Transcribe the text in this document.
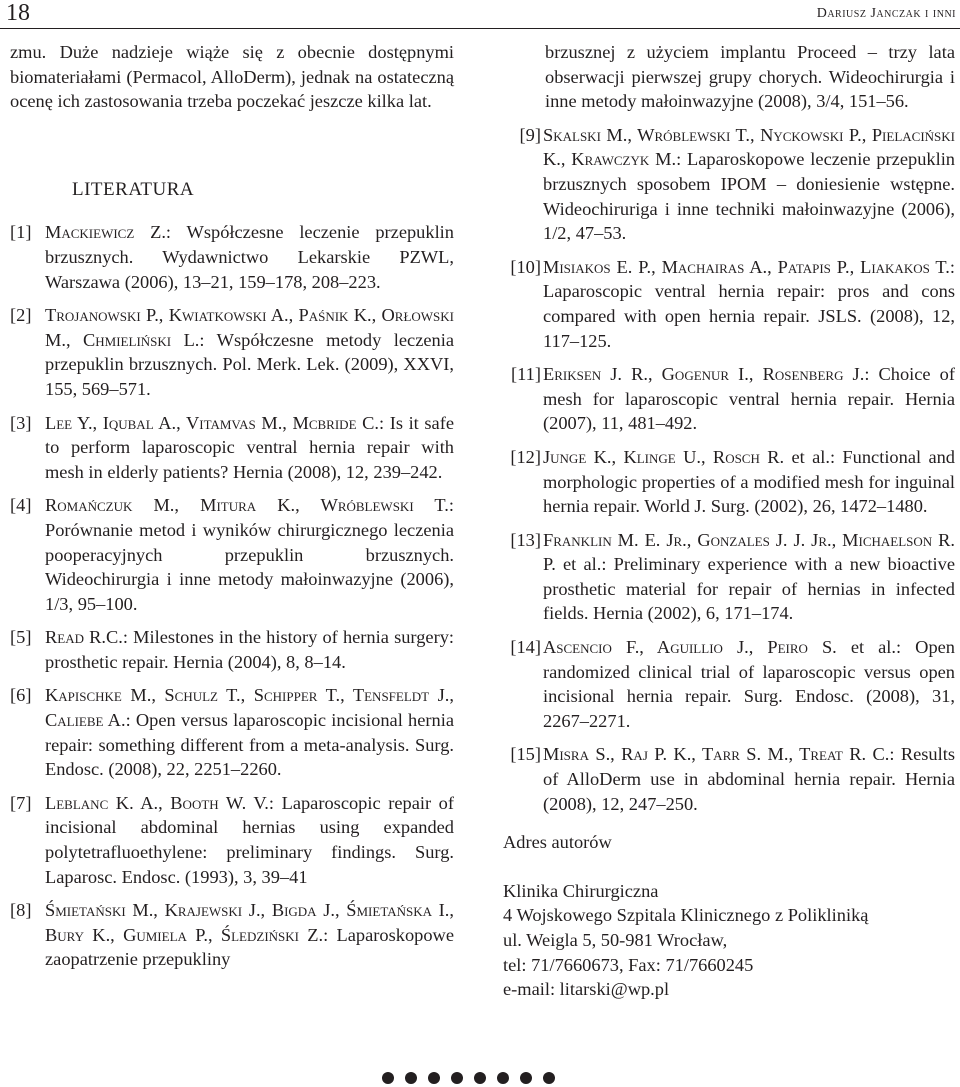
18	Dariusz Janczak i inni

zmu. Duże nadzieje wiąże się z obecnie dostępnymi biomateriałami (Permacol, AlloDerm), jednak na ostateczną ocenę ich zastosowania trzeba poczekać jeszcze kilka lat.

LITERATURA
[1] Mackiewicz Z.: Współczesne leczenie przepuklin brzusznych. Wydawnictwo Lekarskie PZWL, Warszawa (2006), 13–21, 159–178, 208–223.
[2] Trojanowski P., Kwiatkowski A., Paśnik K., Orłowski M., Chmieliński L.: Współczesne metody leczenia przepuklin brzusznych. Pol. Merk. Lek. (2009), XXVI, 155, 569–571.
[3] Lee Y., Iqubal A., Vitamvas M., Mcbride C.: Is it safe to perform laparoscopic ventral hernia repair with mesh in elderly patients? Hernia (2008), 12, 239–242.
[4] Romańczuk M., Mitura K., Wróblewski T.: Porównanie metod i wyników chirurgicznego leczenia pooperacyjnych przepuklin brzusznych. Wideochirurgia i inne metody małoinwazyjne (2006), 1/3, 95–100.
[5] Read R.C.: Milestones in the history of hernia surgery: prosthetic repair. Hernia (2004), 8, 8–14.
[6] Kapischke M., Schulz T., Schipper T., Tensfeldt J., Caliebe A.: Open versus laparoscopic incisional hernia repair: something different from a meta-analysis. Surg. Endosc. (2008), 22, 2251–2260.
[7] Leblanc K. A., Booth W. V.: Laparoscopic repair of incisional abdominal hernias using expanded polytetrafluoethylene: preliminary findings. Surg. Laparosc. Endosc. (1993), 3, 39–41
[8] Śmietański M., Krajewski J., Bigda J., Śmietańska I., Bury K., Gumiela P., Śledziński Z.: Laparoskopowe zaopatrzenie przepukliny
brzusznej z użyciem implantu Proceed – trzy lata obserwacji pierwszej grupy chorych. Wideochirurgia i inne metody małoinwazyjne (2008), 3/4, 151–56.
[9] Skalski M., Wróblewski T., Nyckowski P., Pielaciński K., Krawczyk M.: Laparoskopowe leczenie przepuklin brzusznych sposobem IPOM – doniesienie wstępne. Wideochiruriga i inne techniki małoinwazyjne (2006), 1/2, 47–53.
[10] Misiakos E. P., Machairas A., Patapis P., Liakakos T.: Laparoscopic ventral hernia repair: pros and cons compared with open hernia repair. JSLS. (2008), 12, 117–125.
[11] Eriksen J. R., Gogenur I., Rosenberg J.: Choice of mesh for laparoscopic ventral hernia repair. Hernia (2007), 11, 481–492.
[12] Junge K., Klinge U., Rosch R. et al.: Functional and morphologic properties of a modified mesh for inguinal hernia repair. World J. Surg. (2002), 26, 1472–1480.
[13] Franklin M. E. Jr., Gonzales J. J. Jr., Michaelson R. P. et al.: Preliminary experience with a new bioactive prosthetic material for repair of hernias in infected fields. Hernia (2002), 6, 171–174.
[14] Ascencio F., Aguillio J., Peiro S. et al.: Open randomized clinical trial of laparoscopic versus open incisional hernia repair. Surg. Endosc. (2008), 31, 2267–2271.
[15] Misra S., Raj P. K., Tarr S. M., Treat R. C.: Results of AlloDerm use in abdominal hernia repair. Hernia (2008), 12, 247–250.

Adres autorów

Klinika Chirurgiczna

4 Wojskowego Szpitala Klinicznego z Polikliniką

ul. Weigla 5, 50-981 Wrocław,

tel: 71/7660673, Fax: 71/7660245

e-mail: litarski@wp.pl
